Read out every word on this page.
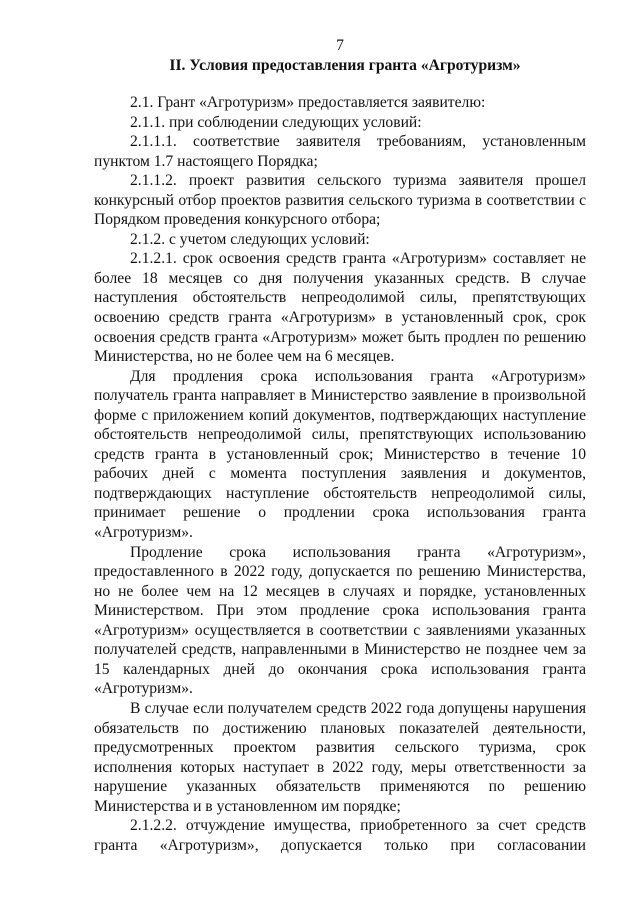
7
II. Условия предоставления гранта «Агротуризм»

2.1. Грант «Агротуризм» предоставляется заявителю:

2.1.1. при соблюдении следующих условий:

2.1.1.1. соответствие заявителя требованиям, установленным пунктом 1.7 настоящего Порядка;

2.1.1.2. проект развития сельского туризма заявителя прошел конкурсный отбор проектов развития сельского туризма в соответствии с Порядком проведения конкурсного отбора;

2.1.2. с учетом следующих условий:

2.1.2.1. срок освоения средств гранта «Агротуризм» составляет не более 18 месяцев со дня получения указанных средств. В случае наступления обстоятельств непреодолимой силы, препятствующих освоению средств гранта «Агротуризм» в установленный срок, срок освоения средств гранта «Агротуризм» может быть продлен по решению Министерства, но не более чем на 6 месяцев.

Для продления срока использования гранта «Агротуризм» получатель гранта направляет в Министерство заявление в произвольной форме с приложением копий документов, подтверждающих наступление обстоятельств непреодолимой силы, препятствующих использованию средств гранта в установленный срок; Министерство в течение 10 рабочих дней с момента поступления заявления и документов, подтверждающих наступление обстоятельств непреодолимой силы, принимает решение о продлении срока использования гранта «Агротуризм».

Продление срока использования гранта «Агротуризм», предоставленного в 2022 году, допускается по решению Министерства, но не более чем на 12 месяцев в случаях и порядке, установленных Министерством. При этом продление срока использования гранта «Агротуризм» осуществляется в соответствии с заявлениями указанных получателей средств, направленными в Министерство не позднее чем за 15 календарных дней до окончания срока использования гранта «Агротуризм».

В случае если получателем средств 2022 года допущены нарушения обязательств по достижению плановых показателей деятельности, предусмотренных проектом развития сельского туризма, срок исполнения которых наступает в 2022 году, меры ответственности за нарушение указанных обязательств применяются по решению Министерства и в установленном им порядке;

2.1.2.2. отчуждение имущества, приобретенного за счет средств гранта «Агротуризм», допускается только при согласовании
